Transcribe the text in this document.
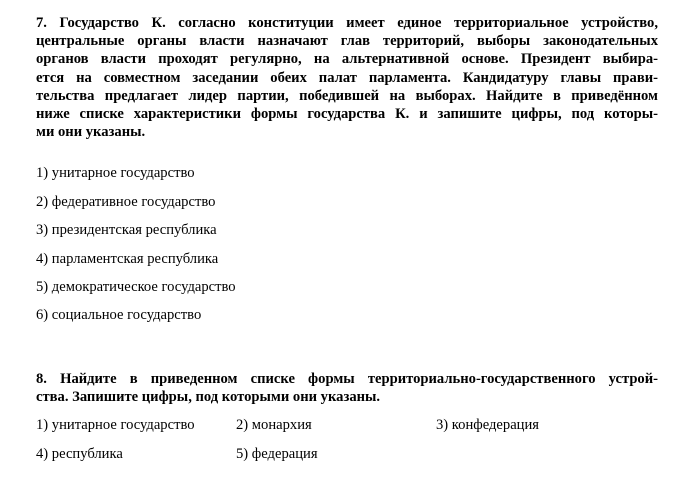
7. Государство К. согласно конституции имеет единое территориальное устройство,
центральные органы власти назначают глав территорий, выборы законодательных
органов власти проходят регулярно, на альтернативной основе. Президент выбира-
ется на совместном заседании обеих палат парламента. Кандидатуру главы прави-
тельства предлагает лидер партии, победившей на выборах. Найдите в приведённом
ниже списке характеристики формы государства К. и запишите цифры, под которы-
ми они указаны.
1) унитарное государство
2) федеративное государство
3) президентская республика
4) парламентская республика
5) демократическое государство
6) социальное государство
8. Найдите в приведенном списке формы территориально-государственного устрой-
ства. Запишите цифры, под которыми они указаны.
1) унитарное государство	2) монархия	3) конфедерация
4) республика	5) федерация
